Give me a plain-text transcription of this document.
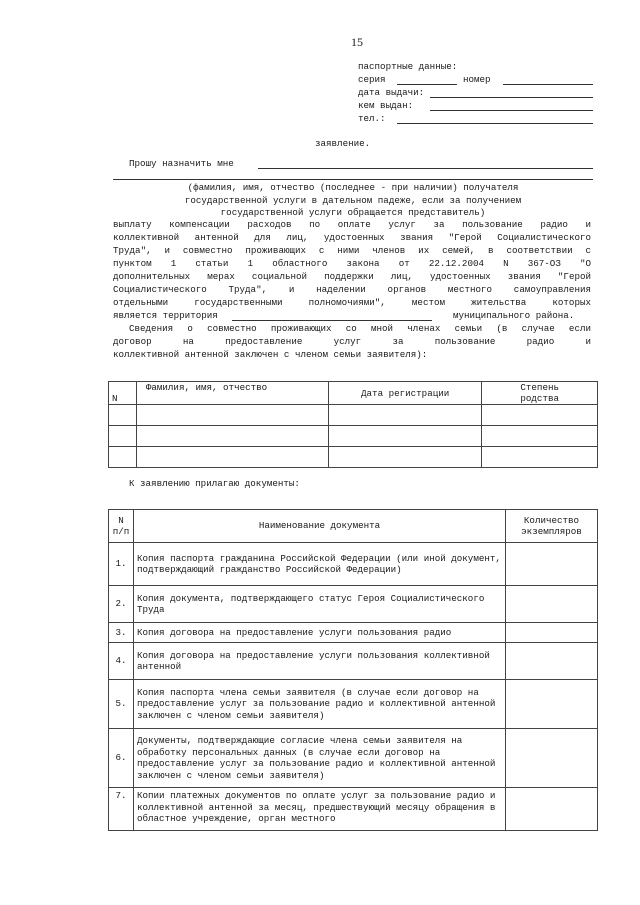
15
паспортные данные:
серия	номер
дата выдачи:
кем выдан:
тел.:
заявление.
Прошу назначить мне
(фамилия, имя, отчество (последнее - при наличии) получателя
государственной услуги в дательном падеже, если за получением
государственной услуги обращается представитель)
выплату компенсации расходов по оплате услуг за пользование радио и
коллективной антенной для лиц, удостоенных звания "Герой Социалистического
Труда", и совместно проживающих с ними членов их семей, в соответствии с
пунктом 1 статьи 1 областного закона от 22.12.2004 N 367-ОЗ "О
дополнительных мерах социальной поддержки лиц, удостоенных звания "Герой
Социалистического Труда", и наделении органов местного самоуправления
отдельными государственными полномочиями", местом жительства которых
является территория	муниципального района.
Сведения о совместно проживающих со мной членах семьи (в случае если
договор на предоставление услуг за пользование радио и
коллективной антенной заключен с членом семьи заявителя):
N	Фамилия, имя, отчество	Дата регистрации	Степень родства

К заявлению прилагаю документы:
N п/п	Наименование документа	Количество экземпляров
1.	Копия паспорта гражданина Российской Федерации (или иной документ, подтверждающий гражданство Российской Федерации)	
2.	Копия документа, подтверждающего статус Героя Социалистического Труда	
3.	Копия договора на предоставление услуги пользования радио	
4.	Копия договора на предоставление услуги пользования коллективной антенной	
5.	Копия паспорта члена семьи заявителя (в случае если договор на предоставление услуг за пользование радио и коллективной антенной заключен с членом семьи заявителя)	
6.	Документы, подтверждающие согласие члена семьи заявителя на обработку персональных данных (в случае если договор на предоставление услуг за пользование радио и коллективной антенной заключен с членом семьи заявителя)	
7.	Копии платежных документов по оплате услуг за пользование радио и коллективной антенной за месяц, предшествующий месяцу обращения в областное учреждение, орган местного	
